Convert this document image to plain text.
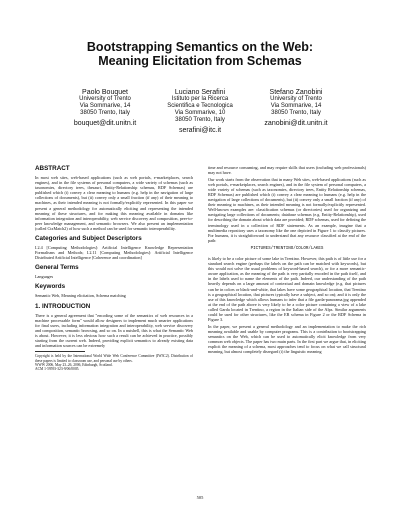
Bootstrapping Semantics on the Web:
Meaning Elicitation from Schemas
Paolo Bouquet
University of Trento
Via Sommarive, 14
38050 Trento, Italy
bouquet@dit.unitn.it
Luciano Serafini
Istituto per la Ricerca
Scientifica e Tecnologica
Via Sommarive, 10
38050 Trento, Italy
serafini@itc.it
Stefano Zanobini
University of Trento
Via Sommarive, 14
38050 Trento, Italy
zanobini@dit.unitn.it
ABSTRACT

In most web sites, web-based applications (such as web portals, e-marketplaces, search engines), and in the file systems of personal computers, a wide variety of schemas (such as taxonomies, directory trees, thesauri, Entity-Relationship schemas, RDF Schemas) are published which (i) convey a clear meaning to humans (e.g. help in the navigation of large collections of documents), but (ii) convey only a small fraction (if any) of their meaning to machines, as their intended meaning is not formally/explicitly represented. In this paper we present a general methodology for automatically eliciting and representing the intended meaning of these structures, and for making this meaning available in domains like information integration and interoperability, web service discovery and composition, peer-to-peer knowledge management, and semantic browsers. We also present an implementation (called CtxMatch2) of how such a method can be used for semantic interoperability.

Categories and Subject Descriptors

I.2.4 [Computing Methodologies]: Artificial Intelligence Knowledge Representation Formalisms and Methods; I.2.11 [Computing Methodologies]: Artificial Intelligence Distributed Artificial Intelligence [Coherence and coordination]

General Terms

Languages

Keywords

Semantic Web, Meaning elicitation, Schema matching

1. INTRODUCTION

There is a general agreement that "encoding some of the semantics of web resources in a machine processable form" would allow designers to implement much smarter applications for final users, including information integration and interoperability, web service discovery and composition, semantic browsing, and so on. In a nutshell, this is what the Semantic Web is about. However, it is less obvious how such a result can be achieved in practice, possibly starting from the current web. Indeed, providing explicit semantics to already existing data and information sources can be extremely

Copyright is held by the International World Wide Web Conference Committee (IW3C2). Distribution of these papers is limited to classroom use, and personal use by others.
WWW 2006, May 23–26, 2006, Edinburgh, Scotland.
ACM 1-59593-323-9/06/0005.

time and resource consuming, and may require skills that users (including web professionals) may not have.

Our work starts from the observation that in many Web sites, web-based applications (such as web portals, e-marketplaces, search engines), and in the file system of personal computers, a wide variety of schemas (such as taxonomies, directory trees, Entity Relationship schemas, RDF Schemas) are published which (i) convey a clear meaning to humans (e.g. help in the navigation of large collections of documents), but (ii) convey only a small fraction (if any) of their meaning to machines, as their intended meaning is not formally/explicitly represented. Well-known examples are: classification schemas (or directories) used for organizing and navigating large collections of documents; database schemas (e.g. Entity-Relationship), used for describing the domain about which data are provided; RDF schemas, used for defining the terminology used in a collection of RDF statements. As an example, imagine that a multimedia repository uses a taxonomy like the one depicted in Figure 1 to classify pictures. For humans, it is straightforward to understand that any resource classified at the end of the path:

PICTURES/TRENTINO/COLOR/LAKES

is likely to be a color picture of some lake in Trentino. However, this path is of little use for a standard search engine (perhaps the labels on the path can be matched with keywords), but this would not solve the usual problems of keyword-based search), or for a more semantic-aware application, as the meaning of the path is very partially encoded in the path itself, and in the labels used to name the elements of the path. Indeed, our understanding of the path heavily depends on a large amount of contextual and domain knowledge (e.g. that pictures can be in colors or black-and-white, that lakes have some geographical location, that Trentino is a geographical location, that pictures typically have a subject, and so on); and it is only the use of this knowledge which allows humans to infer that a file garda-panorama.jpg appended at the end of the path above is very likely to be a color picture containing a view of a lake called Garda located in Trentino, a region in the Italian side of the Alps. Similar arguments could be used for other structures, like the ER schema in Figure 2 or the RDF Schema in Figure 3.

In the paper, we present a general methodology and an implementation to make the rich meaning available and usable by computer programs. This is a contribution to bootstrapping semantics on the Web, which can be used to automatically elicit knowledge from very common web objects. The paper has two main parts. In the first part we argue that, in eliciting explicit the meaning of a schema, most approaches tend to focus on what we call structural meaning, but almost completely disregard (i) the linguistic meaning

505
